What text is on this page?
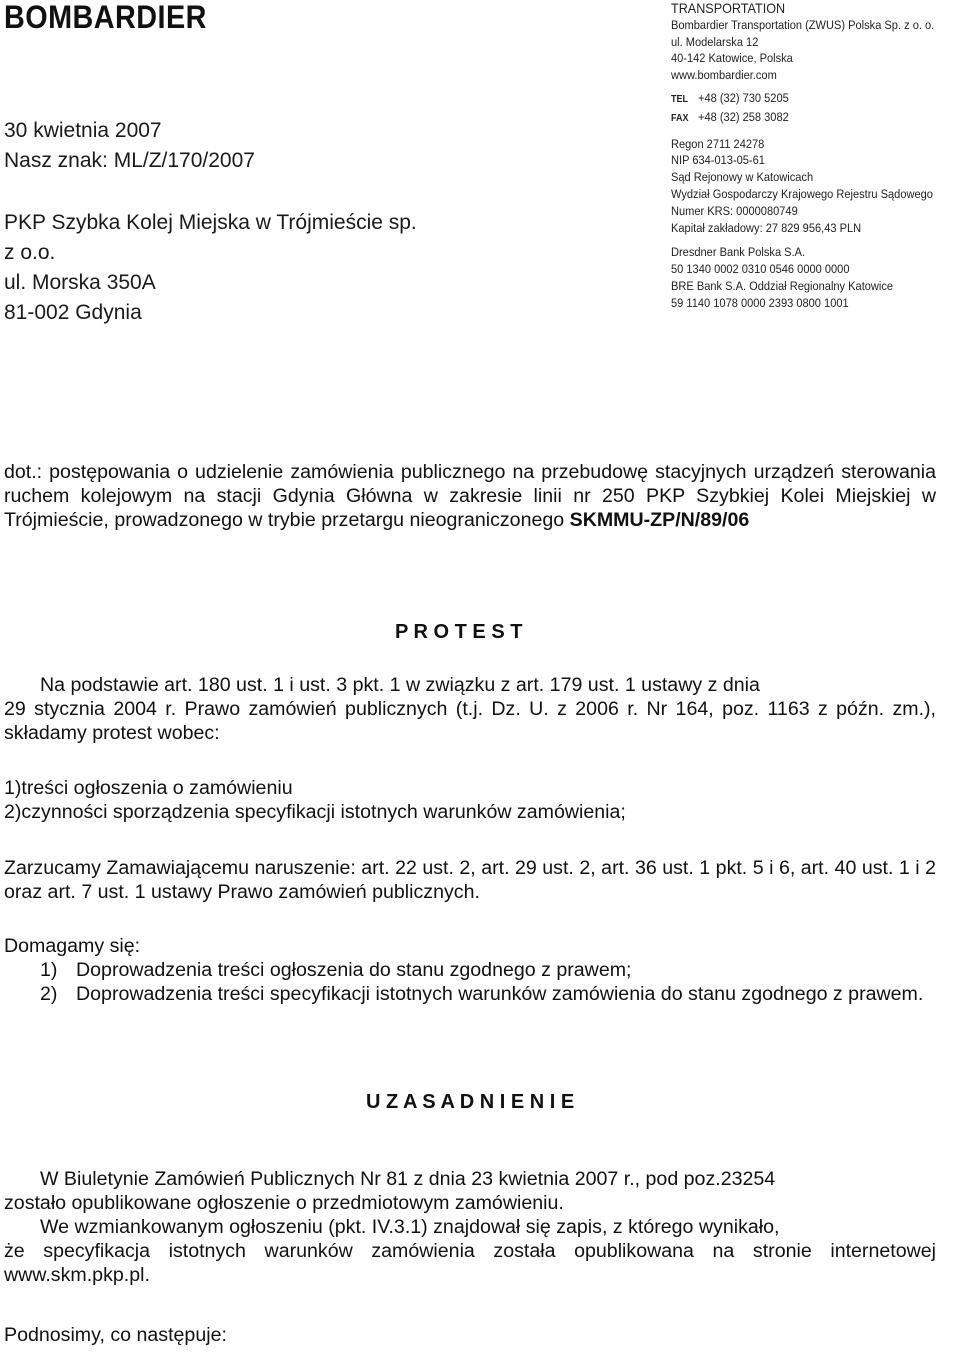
BOMBARDIER
30 kwietnia 2007
Nasz znak: ML/Z/170/2007
PKP Szybka Kolej Miejska w Trójmieście sp.
z o.o.
ul. Morska 350A
81-002 Gdynia
TRANSPORTATION
Bombardier Transportation (ZWUS) Polska Sp. z o. o.
ul. Modelarska 12
40-142 Katowice, Polska
www.bombardier.com
TEL +48 (32) 730 5205
FAX +48 (32) 258 3082
Regon 2711 24278
NIP 634-013-05-61
Sąd Rejonowy w Katowicach
Wydział Gospodarczy Krajowego Rejestru Sądowego
Numer KRS: 0000080749
Kapitał zakładowy: 27 829 956,43 PLN
Dresdner Bank Polska S.A.
50 1340 0002 0310 0546 0000 0000
BRE Bank S.A. Oddział Regionalny Katowice
59 1140 1078 0000 2393 0800 1001
dot.: postępowania o udzielenie zamówienia publicznego na przebudowę stacyjnych urządzeń sterowania ruchem kolejowym na stacji Gdynia Główna w zakresie linii nr 250 PKP Szybkiej Kolei Miejskiej w Trójmieście, prowadzonego w trybie przetargu nieograniczonego SKMMU-ZP/N/89/06
P R O T E S T
Na podstawie art. 180 ust. 1 i ust. 3 pkt. 1 w związku z art. 179 ust. 1 ustawy z dnia
29 stycznia 2004 r. Prawo zamówień publicznych (t.j. Dz. U. z 2006 r. Nr 164, poz. 1163 z późn. zm.), składamy protest wobec:
1)treści ogłoszenia o zamówieniu
2)czynności sporządzenia specyfikacji istotnych warunków zamówienia;
Zarzucamy Zamawiającemu naruszenie: art. 22 ust. 2, art. 29 ust. 2, art. 36 ust. 1 pkt. 5 i 6, art. 40 ust. 1 i 2 oraz art. 7 ust. 1 ustawy Prawo zamówień publicznych.
Domagamy się:
1) Doprowadzenia treści ogłoszenia do stanu zgodnego z prawem;
2) Doprowadzenia treści specyfikacji istotnych warunków zamówienia do stanu zgodnego z prawem.
U Z A S A D N I E N I E
W Biuletynie Zamówień Publicznych Nr 81 z dnia 23 kwietnia 2007 r., pod poz.23254
zostało opublikowane ogłoszenie o przedmiotowym zamówieniu.
We wzmiankowanym ogłoszeniu (pkt. IV.3.1) znajdował się zapis, z którego wynikało,
że specyfikacja istotnych warunków zamówienia została opublikowana na stronie internetowej www.skm.pkp.pl.
Podnosimy, co następuje:
